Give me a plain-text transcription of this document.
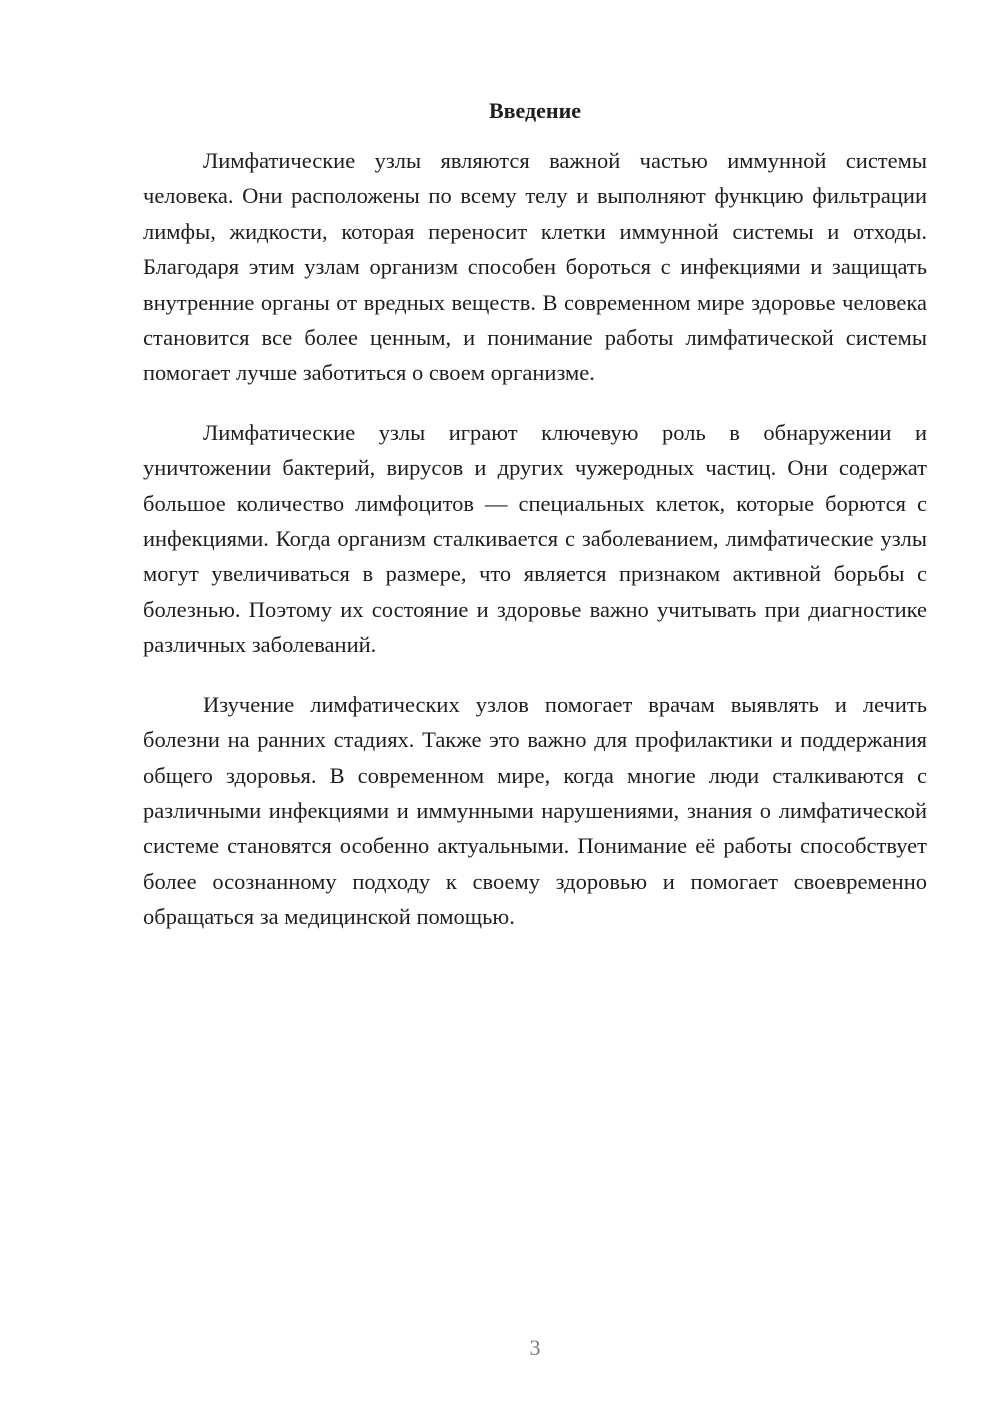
Введение

Лимфатические узлы являются важной частью иммунной системы человека. Они расположены по всему телу и выполняют функцию фильтрации лимфы, жидкости, которая переносит клетки иммунной системы и отходы. Благодаря этим узлам организм способен бороться с инфекциями и защищать внутренние органы от вредных веществ. В современном мире здоровье человека становится все более ценным, и понимание работы лимфатической системы помогает лучше заботиться о своем организме.

Лимфатические узлы играют ключевую роль в обнаружении и уничтожении бактерий, вирусов и других чужеродных частиц. Они содержат большое количество лимфоцитов — специальных клеток, которые борются с инфекциями. Когда организм сталкивается с заболеванием, лимфатические узлы могут увеличиваться в размере, что является признаком активной борьбы с болезнью. Поэтому их состояние и здоровье важно учитывать при диагностике различных заболеваний.

Изучение лимфатических узлов помогает врачам выявлять и лечить болезни на ранних стадиях. Также это важно для профилактики и поддержания общего здоровья. В современном мире, когда многие люди сталкиваются с различными инфекциями и иммунными нарушениями, знания о лимфатической системе становятся особенно актуальными. Понимание её работы способствует более осознанному подходу к своему здоровью и помогает своевременно обращаться за медицинской помощью.

3
